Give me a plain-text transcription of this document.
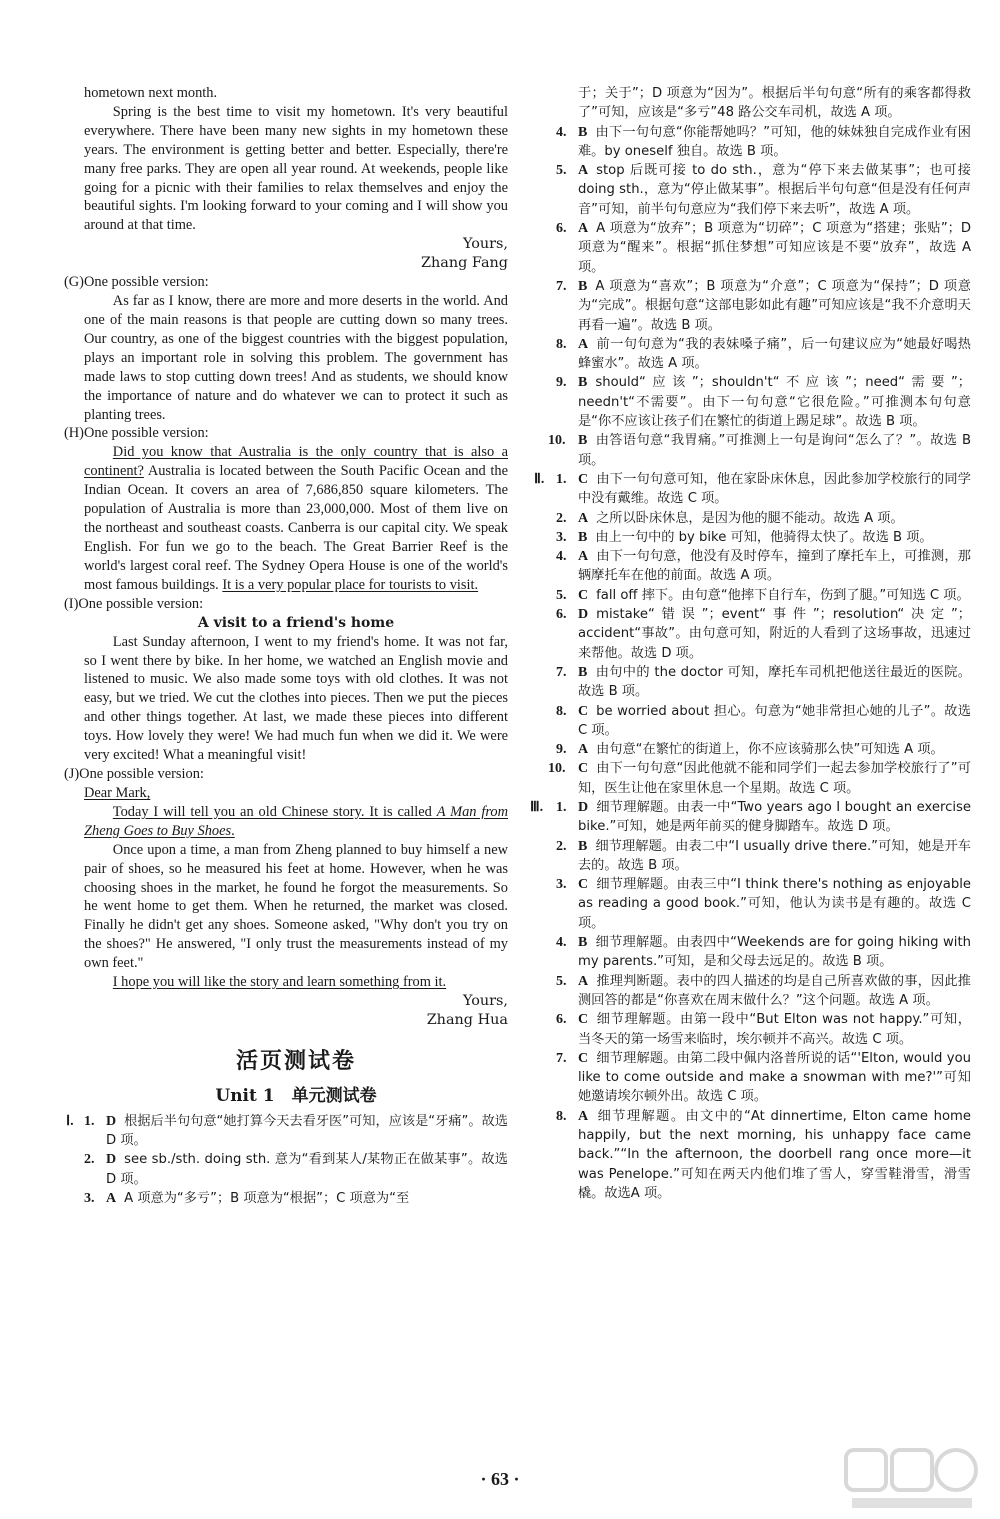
hometown next month.

Spring is the best time to visit my hometown. It's very beautiful everywhere. There have been many new sights in my hometown these years. The environment is getting better and better. Especially, there're many free parks. They are open all year round. At weekends, people like going for a picnic with their families to relax themselves and enjoy the beautiful sights. I'm looking forward to your coming and I will show you around at that time.

Yours,
Zhang Fang
(G)One possible version:

As far as I know, there are more and more deserts in the world. And one of the main reasons is that people are cutting down so many trees. Our country, as one of the biggest countries with the biggest population, plays an important role in solving this problem. The government has made laws to stop cutting down trees! And as students, we should know the importance of nature and do whatever we can to protect it such as planting trees.

(H)One possible version:

Did you know that Australia is the only country that is also a continent? Australia is located between the South Pacific Ocean and the Indian Ocean. It covers an area of 7,686,850 square kilometers. The population of Australia is more than 23,000,000. Most of them live on the northeast and southeast coasts. Canberra is our capital city. We speak English. For fun we go to the beach. The Great Barrier Reef is the world's largest coral reef. The Sydney Opera House is one of the world's most famous buildings. It is a very popular place for tourists to visit.

(I)One possible version:
A visit to a friend's home

Last Sunday afternoon, I went to my friend's home. It was not far, so I went there by bike. In her home, we watched an English movie and listened to music. We also made some toys with old clothes. It was not easy, but we tried. We cut the clothes into pieces. Then we put the pieces and other things together. At last, we made these pieces into different toys. How lovely they were! We had much fun when we did it. We were very excited! What a meaningful visit!

(J)One possible version:

Dear Mark,

Today I will tell you an old Chinese story. It is called A Man from Zheng Goes to Buy Shoes.

Once upon a time, a man from Zheng planned to buy himself a new pair of shoes, so he measured his feet at home. However, when he was choosing shoes in the market, he found he forgot the measurements. So he went home to get them. When he returned, the market was closed. Finally he didn't get any shoes. Someone asked, "Why don't you try on the shoes?" He answered, "I only trust the measurements instead of my own feet."

I hope you will like the story and learn something from it.

Yours,
Zhang Hua
活页测试卷
Unit 1　单元测试卷
Ⅰ. 1. D 根据后半句句意“她打算今天去看牙医”可知，应该是“牙痛”。故选 D 项。
2. D see sb./sth. doing sth. 意为“看到某人/某物正在做某事”。故选 D 项。
3. A A 项意为“多亏”；B 项意为“根据”；C 项意为“至
于；关于”；D 项意为“因为”。根据后半句句意“所有的乘客都得救了”可知，应该是“多亏”48 路公交车司机，故选 A 项。
4. B 由下一句句意“你能帮她吗？”可知，他的妹妹独自完成作业有困难。by oneself 独自。故选 B 项。
5. A stop 后既可接 to do sth.，意为“停下来去做某事”；也可接 doing sth.，意为“停止做某事”。根据后半句句意“但是没有任何声音”可知，前半句句意应为“我们停下来去听”，故选 A 项。
6. A A 项意为“放弃”；B 项意为“切碎”；C 项意为“搭建；张贴”；D 项意为“醒来”。根据“抓住梦想”可知应该是不要“放弃”，故选 A 项。
7. B A 项意为“喜欢”；B 项意为“介意”；C 项意为“保持”；D 项意为“完成”。根据句意“这部电影如此有趣”可知应该是“我不介意明天再看一遍”。故选 B 项。
8. A 前一句句意为“我的表妹嗓子痛”，后一句建议应为“她最好喝热蜂蜜水”。故选 A 项。
9. B should“应该”；shouldn't“不应该”；need“需要”；needn't“不需要”。由下一句句意“它很危险。”可推测本句句意是“你不应该让孩子们在繁忙的街道上踢足球”。故选 B 项。
10. B 由答语句意“我胃痛。”可推测上一句是询问“怎么了？”。故选 B 项。
Ⅱ. 1. C 由下一句句意可知，他在家卧床休息，因此参加学校旅行的同学中没有戴维。故选 C 项。
2. A 之所以卧床休息，是因为他的腿不能动。故选 A 项。
3. B 由上一句中的 by bike 可知，他骑得太快了。故选 B 项。
4. A 由下一句句意，他没有及时停车，撞到了摩托车上，可推测，那辆摩托车在他的前面。故选 A 项。
5. C fall off 摔下。由句意“他摔下自行车，伤到了腿。”可知选 C 项。
6. D mistake“错误”；event“事件”；resolution“决定”；accident“事故”。由句意可知，附近的人看到了这场事故，迅速过来帮他。故选 D 项。
7. B 由句中的 the doctor 可知，摩托车司机把他送往最近的医院。故选 B 项。
8. C be worried about 担心。句意为“她非常担心她的儿子”。故选 C 项。
9. A 由句意“在繁忙的街道上，你不应该骑那么快”可知选 A 项。
10. C 由下一句句意“因此他就不能和同学们一起去参加学校旅行了”可知，医生让他在家里休息一个星期。故选 C 项。
Ⅲ. 1. D 细节理解题。由表一中“Two years ago I bought an exercise bike.”可知，她是两年前买的健身脚踏车。故选 D 项。
2. B 细节理解题。由表二中“I usually drive there.”可知，她是开车去的。故选 B 项。
3. C 细节理解题。由表三中“I think there's nothing as enjoyable as reading a good book.”可知，他认为读书是有趣的。故选 C 项。
4. B 细节理解题。由表四中“Weekends are for going hiking with my parents.”可知，是和父母去远足的。故选 B 项。
5. A 推理判断题。表中的四人描述的均是自己所喜欢做的事，因此推测回答的都是“你喜欢在周末做什么？”这个问题。故选 A 项。
6. C 细节理解题。由第一段中“But Elton was not happy.”可知，当冬天的第一场雪来临时，埃尔顿并不高兴。故选 C 项。
7. C 细节理解题。由第二段中佩内洛普所说的话“'Elton, would you like to come outside and make a snowman with me?'”可知她邀请埃尔顿外出。故选 C 项。
8. A 细节理解题。由文中的“At dinnertime, Elton came home happily, but the next morning, his unhappy face came back.”“In the afternoon, the doorbell rang once more—it was Penelope.”可知在两天内他们堆了雪人，穿雪鞋滑雪，滑雪橇。故选A 项。
· 63 ·
